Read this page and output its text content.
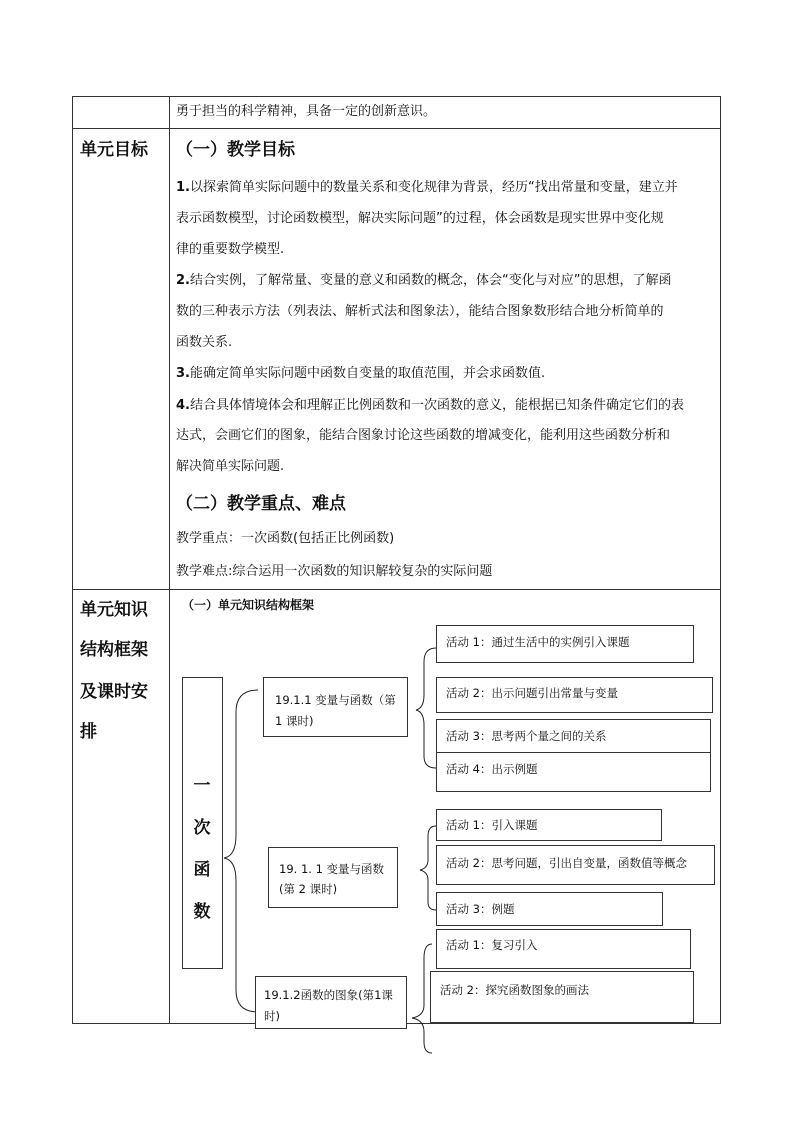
勇于担当的科学精神，具备一定的创新意识。
单元目标 （一）教学目标
1.以探索简单实际问题中的数量关系和变化规律为背景，经历“找出常量和变量，建立并
表示函数模型，讨论函数模型，解决实际问题”的过程，体会函数是现实世界中变化规
律的重要数学模型.
2.结合实例，了解常量、变量的意义和函数的概念，体会“变化与对应”的思想，了解函
数的三种表示方法（列表法、解析式法和图象法），能结合图象数形结合地分析简单的
函数关系.
3.能确定简单实际问题中函数自变量的取值范围，并会求函数值.
4.结合具体情境体会和理解正比例函数和一次函数的意义，能根据已知条件确定它们的表
达式，会画它们的图象，能结合图象讨论这些函数的增减变化，能利用这些函数分析和
解决简单实际问题.
（二）教学重点、难点
教学重点：一次函数(包括正比例函数)
教学难点:综合运用一次函数的知识解较复杂的实际问题
单元知识
结构框架
及课时安
排
（一）单元知识结构框架
一
次
函
数
19.1.1 变量与函数（第
1 课时)
19. 1. 1 变量与函数
(第 2 课时)
19.1.2函数的图象(第1课
时)
活动 1：通过生活中的实例引入课题
活动 2：出示问题引出常量与变量
活动 3：思考两个量之间的关系
活动 4：出示例题
活动 1：引入课题
活动 2：思考问题，引出自变量，函数值等概念
活动 3：例题
活动 1：复习引入
活动 2：探究函数图象的画法
